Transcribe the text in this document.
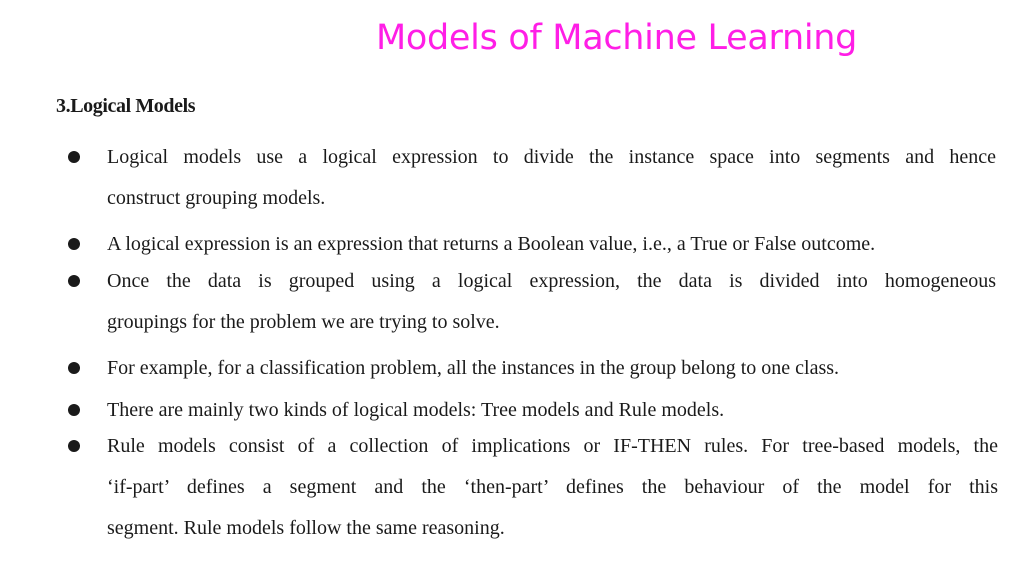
Models of Machine Learning
3.Logical Models
Logical models use a logical expression to divide the instance space into segments and hence
construct grouping models.
A logical expression is an expression that returns a Boolean value, i.e., a True or False outcome.
Once the data is grouped using a logical expression, the data is divided into homogeneous
groupings for the problem we are trying to solve.
For example, for a classification problem, all the instances in the group belong to one class.
There are mainly two kinds of logical models: Tree models and Rule models.
Rule models consist of a collection of implications or IF-THEN rules. For tree-based models, the
‘if-part’ defines a segment and the ‘then-part’ defines the behaviour of the model for this
segment. Rule models follow the same reasoning.
